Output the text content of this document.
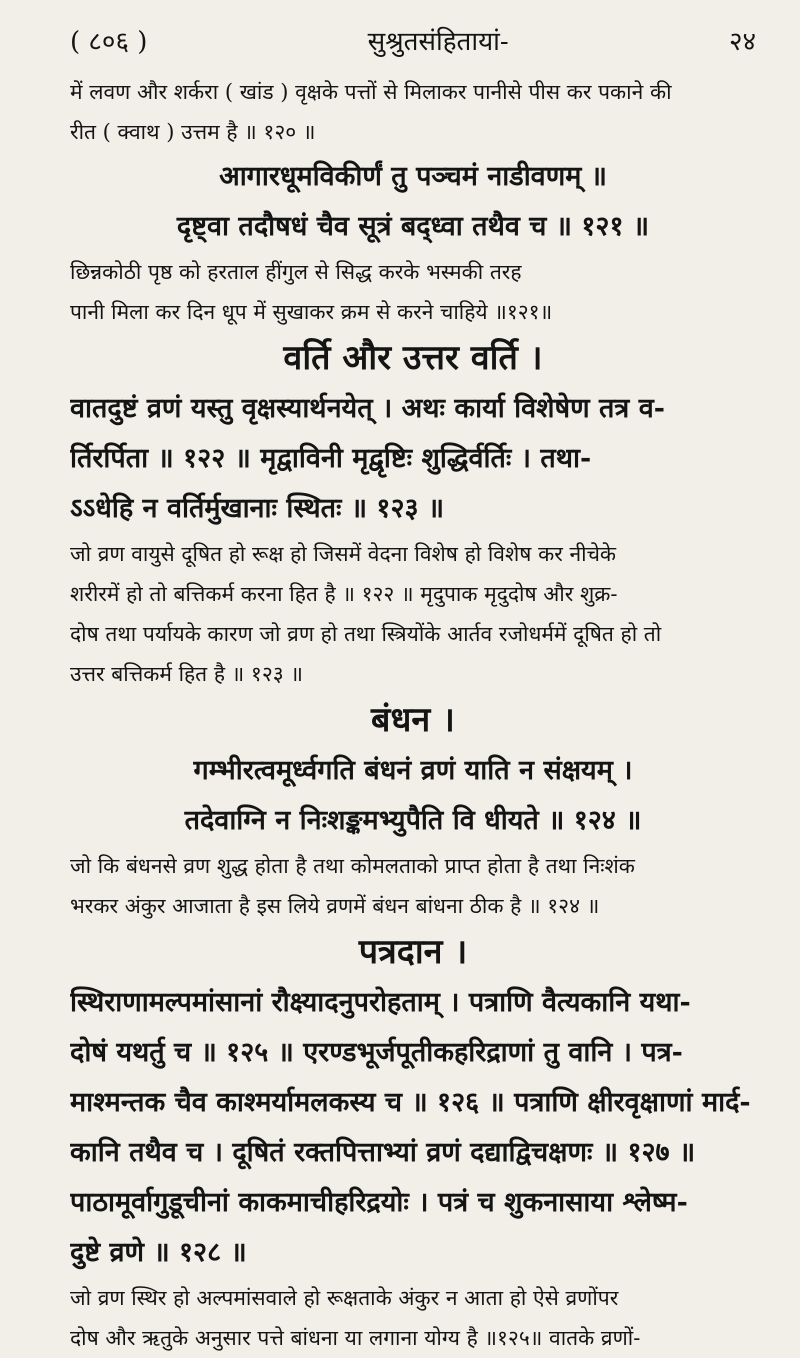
( ८०६ )	सुश्रुतसंहितायां-	२४
में लवण और शर्करा ( खांड ) वृक्षके पत्तों से मिलाकर पानीसे पीस कर पकाने की
रीत ( क्वाथ ) उत्तम है ॥ १२० ॥
आगारधूमविकीर्णं तु पञ्चमं नाडीवणम् ॥
दृष्ट्वा तदौषधं चैव सूत्रं बद्ध्वा तथैव च ॥ १२१ ॥
छिन्नकोठी पृष्ठ को हरताल हींगुल से सिद्ध करके भस्मकी तरह
पानी मिला कर दिन धूप में सुखाकर क्रम से करने चाहिये ॥१२१॥
वर्ति और उत्तर वर्ति ।
वातदुष्टं व्रणं यस्तु वृक्षस्यार्थनयेत् । अथः कार्या विशेषेण तत्र व-
र्तिरर्पिता ॥ १२२ ॥ मृद्वाविनी मृद्वृष्टिः शुद्धिर्वर्तिः । तथा-
ऽऽधेहि न वर्तिर्मुखानाः स्थितः ॥ १२३ ॥
जो व्रण वायुसे दूषित हो रूक्ष हो जिसमें वेदना विशेष हो विशेष कर नीचेके
शरीरमें हो तो बत्तिकर्म करना हित है ॥ १२२ ॥ मृदुपाक मृदुदोष और शुक्र-
दोष तथा पर्यायके कारण जो व्रण हो तथा स्त्रियोंके आर्तव रजोधर्ममें दूषित हो तो
उत्तर बत्तिकर्म हित है ॥ १२३ ॥
बंधन ।
गम्भीरत्वमूर्ध्वगति बंधनं व्रणं याति न संक्षयम् ।
तदेवाग्नि न निःशङ्कमभ्युपैति वि धीयते ॥ १२४ ॥
जो कि बंधनसे व्रण शुद्ध होता है तथा कोमलताको प्राप्त होता है तथा निःशंक
भरकर अंकुर आजाता है इस लिये व्रणमें बंधन बांधना ठीक है ॥ १२४ ॥
पत्रदान ।
स्थिराणामल्पमांसानां रौक्ष्यादनुपरोहताम् । पत्राणि वैत्यकानि यथा-
दोषं यथर्तु च ॥ १२५ ॥ एरण्डभूर्जपूतीकहरिद्राणां तु वानि । पत्र-
माश्मन्तक चैव काश्मर्यामलकस्य च ॥ १२६ ॥ पत्राणि क्षीरवृक्षाणां मार्द-
कानि तथैव च । दूषितं रक्तपित्ताभ्यां व्रणं दद्याद्विचक्षणः ॥ १२७ ॥
पाठामूर्वागुडूचीनां काकमाचीहरिद्रयोः । पत्रं च शुकनासाया श्लेष्म-
दुष्टे व्रणे ॥ १२८ ॥
जो व्रण स्थिर हो अल्पमांसवाले हो रूक्षताके अंकुर न आता हो ऐसे व्रणोंपर
दोष और ऋतुके अनुसार पत्ते बांधना या लगाना योग्य है ॥१२५॥ वातके व्रणों-
